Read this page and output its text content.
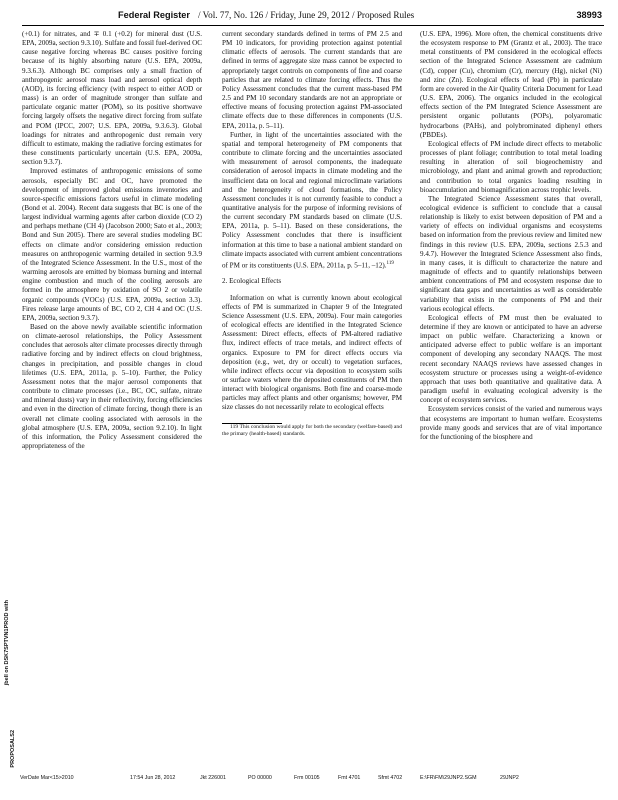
Federal Register / Vol. 77, No. 126 / Friday, June 29, 2012 / Proposed Rules	38993

(+0.1) for nitrates, and ∓ 0.1 (+0.2) for mineral dust (U.S. EPA, 2009a, section 9.3.10). Sulfate and fossil fuel-derived OC cause negative forcing whereas BC causes positive forcing because of its highly absorbing nature (U.S. EPA, 2009a, 9.3.6.3). Although BC comprises only a small fraction of anthropogenic aerosol mass load and aerosol optical depth (AOD), its forcing efficiency (with respect to either AOD or mass) is an order of magnitude stronger than sulfate and particulate organic matter (POM), so its positive shortwave forcing largely offsets the negative direct forcing from sulfate and POM (IPCC, 2007; U.S. EPA, 2009a, 9.3.6.3). Global loadings for nitrates and anthropogenic dust remain very difficult to estimate, making the radiative forcing estimates for these constituents particularly uncertain (U.S. EPA, 2009a, section 9.3.7).

Improved estimates of anthropogenic emissions of some aerosols, especially BC and OC, have promoted the development of improved global emissions inventories and source-specific emissions factors useful in climate modeling (Bond et al. 2004). Recent data suggests that BC is one of the largest individual warming agents after carbon dioxide (CO 2) and perhaps methane (CH 4) (Jacobson 2000; Sato et al., 2003; Bond and Sun 2005). There are several studies modeling BC effects on climate and/or considering emission reduction measures on anthropogenic warming detailed in section 9.3.9 of the Integrated Science Assessment. In the U.S., most of the warming aerosols are emitted by biomass burning and internal engine combustion and much of the cooling aerosols are formed in the atmosphere by oxidation of SO 2 or volatile organic compounds (VOCs) (U.S. EPA, 2009a, section 3.3). Fires release large amounts of BC, CO 2, CH 4 and OC (U.S. EPA, 2009a, section 9.3.7).

Based on the above newly available scientific information on climate-aerosol relationships, the Policy Assessment concludes that aerosols alter climate processes directly through radiative forcing and by indirect effects on cloud brightness, changes in precipitation, and possible changes in cloud lifetimes (U.S. EPA, 2011a, p. 5–10). Further, the Policy Assessment notes that the major aerosol components that contribute to climate processes (i.e., BC, OC, sulfate, nitrate and mineral dusts) vary in their reflectivity, forcing efficiencies and even in the direction of climate forcing, though there is an overall net climate cooling associated with aerosols in the global atmosphere (U.S. EPA, 2009a, section 9.2.10). In light of this information, the Policy Assessment considered the appropriateness of the

current secondary standards defined in terms of PM 2.5 and PM 10 indicators, for providing protection against potential climatic effects of aerosols. The current standards that are defined in terms of aggregate size mass cannot be expected to appropriately target controls on components of fine and coarse particles that are related to climate forcing effects. Thus the Policy Assessment concludes that the current mass-based PM 2.5 and PM 10 secondary standards are not an appropriate or effective means of focusing protection against PM-associated climate effects due to these differences in components (U.S. EPA, 2011a, p. 5–11).

Further, in light of the uncertainties associated with the spatial and temporal heterogeneity of PM components that contribute to climate forcing and the uncertainties associated with measurement of aerosol components, the inadequate consideration of aerosol impacts in climate modeling and the insufficient data on local and regional microclimate variations and the heterogeneity of cloud formations, the Policy Assessment concludes it is not currently feasible to conduct a quantitative analysis for the purpose of informing revisions of the current secondary PM standards based on climate (U.S. EPA, 2011a, p. 5–11). Based on these considerations, the Policy Assessment concludes that there is insufficient information at this time to base a national ambient standard on climate impacts associated with current ambient concentrations of PM or its constituents (U.S. EPA, 2011a, p. 5–11, –12).$^{119}$

2. Ecological Effects

Information on what is currently known about ecological effects of PM is summarized in Chapter 9 of the Integrated Science Assessment (U.S. EPA, 2009a). Four main categories of ecological effects are identified in the Integrated Science Assessment: Direct effects, effects of PM-altered radiative flux, indirect effects of trace metals, and indirect effects of organics. Exposure to PM for direct effects occurs via deposition (e.g., wet, dry or occult) to vegetation surfaces, while indirect effects occur via deposition to ecosystem soils or surface waters where the deposited constituents of PM then interact with biological organisms. Both fine and coarse-mode particles may affect plants and other organisms; however, PM size classes do not necessarily relate to ecological effects

119 This conclusion would apply for both the secondary (welfare-based) and the primary (health-based) standards.

(U.S. EPA, 1996). More often, the chemical constituents drive the ecosystem response to PM (Grantz et al., 2003). The trace metal constituents of PM considered in the ecological effects section of the Integrated Science Assessment are cadmium (Cd), copper (Cu), chromium (Cr), mercury (Hg), nickel (Ni) and zinc (Zn). Ecological effects of lead (Pb) in particulate form are covered in the Air Quality Criteria Document for Lead (U.S. EPA, 2006). The organics included in the ecological effects section of the PM Integrated Science Assessment are persistent organic pollutants (POPs), polyaromatic hydrocarbons (PAHs), and polybrominated diphenyl ethers (PBDEs).

Ecological effects of PM include direct effects to metabolic processes of plant foliage; contribution to total metal loading resulting in alteration of soil biogeochemistry and microbiology, and plant and animal growth and reproduction; and contribution to total organics loading resulting in bioaccumulation and biomagnification across trophic levels.

The Integrated Science Assessment states that overall, ecological evidence is sufficient to conclude that a causal relationship is likely to exist between deposition of PM and a variety of effects on individual organisms and ecosystems based on information from the previous review and limited new findings in this review (U.S. EPA, 2009a, sections 2.5.3 and 9.4.7). However the Integrated Science Assessment also finds, in many cases, it is difficult to characterize the nature and magnitude of effects and to quantify relationships between ambient concentrations of PM and ecosystem response due to significant data gaps and uncertainties as well as considerable variability that exists in the components of PM and their various ecological effects.

Ecological effects of PM must then be evaluated to determine if they are known or anticipated to have an adverse impact on public welfare. Characterizing a known or anticipated adverse effect to public welfare is an important component of developing any secondary NAAQS. The most recent secondary NAAQS reviews have assessed changes in ecosystem structure or processes using a weight-of-evidence approach that uses both quantitative and qualitative data. A paradigm useful in evaluating ecological adversity is the concept of ecosystem services.

Ecosystem services consist of the varied and numerous ways that ecosystems are important to human welfare. Ecosystems provide many goods and services that are of vital importance for the functioning of the biosphere and

jbell on DSK7SPTVN1PROD with
PROPOSALS2
VerDate Mar<15>2010	17:54 Jun 28, 2012	Jkt 226001	PO 00000	Frm 00105	Fmt 4701	Sfmt 4702	E:\FR\FM\29JNP2.SGM	29JNP2
